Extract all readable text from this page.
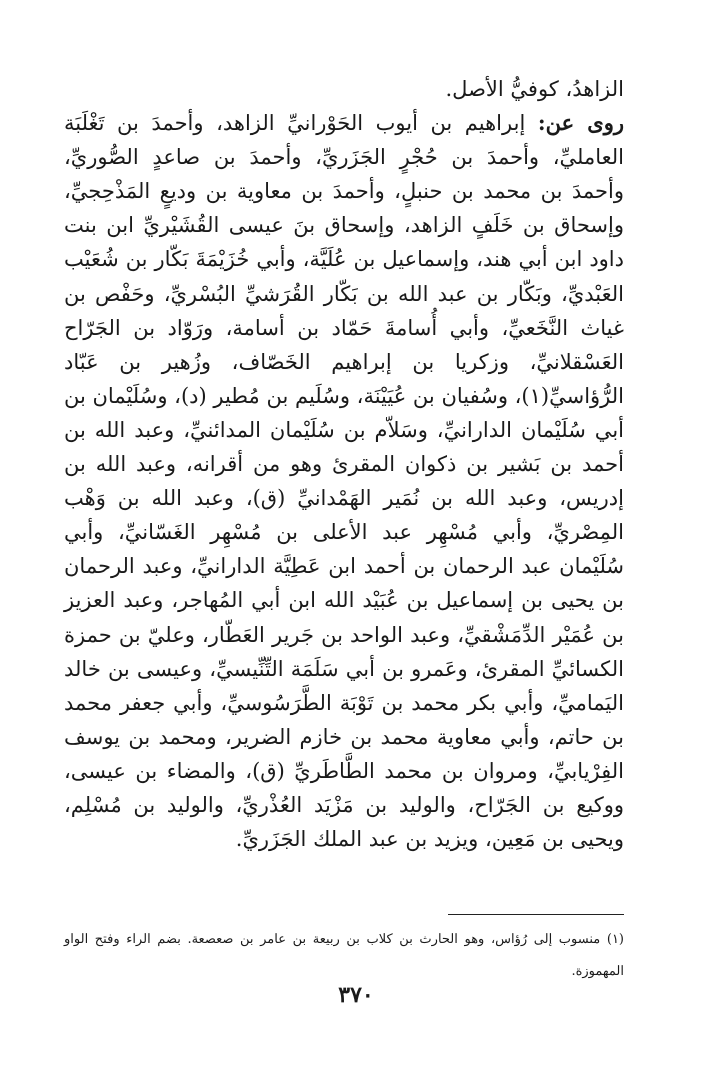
الزاهدُ، كوفيُّ الأصل.

روى عن: إبراهيم بن أيوب الحَوْرانيِّ الزاهد، وأحمدَ بن تَغْلَبَة العامليِّ، وأحمدَ بن حُجْرٍ الجَزَريِّ، وأحمدَ بن صاعدٍ الصُّوريِّ، وأحمدَ بن محمد بن حنبلٍ، وأحمدَ بن معاوية بن وديعٍ المَذْحِجيِّ، وإسحاق بن خَلَفٍ الزاهد، وإسحاق بنَ عيسى القُشَيْريِّ ابن بنت داود ابن أبي هند، وإسماعيل بن عُلَيَّة، وأبي خُزَيْمَةَ بَكّار بن شُعَيْب العَبْديِّ، وبَكّار بن عبد الله بن بَكّار القُرَشيِّ البُسْريِّ، وحَفْص بن غياث النَّخَعيِّ، وأبي أُسامةَ حَمّاد بن أسامة، ورَوّاد بن الجَرّاح العَسْقلانيِّ، وزكريا بن إبراهيم الخَصّاف، وزُهير بن عَبّاد الرُّؤاسيِّ(١)، وسُفيان بن عُيَيْنَة، وسُلَيم بن مُطير (د)، وسُلَيْمان بن أبي سُلَيْمان الدارانيِّ، وسَلاّم بن سُلَيْمان المدائنيِّ، وعبد الله بن أحمد بن بَشير بن ذكوان المقرئ وهو من أقرانه، وعبد الله بن إدريس، وعبد الله بن نُمَير الهَمْدانيِّ (ق)، وعبد الله بن وَهْب المِصْريِّ، وأبي مُسْهِر عبد الأعلى بن مُسْهِر الغَسّانيِّ، وأبي سُلَيْمان عبد الرحمان بن أحمد ابن عَطِيَّة الدارانيِّ، وعبد الرحمان بن يحيى بن إسماعيل بن عُبَيْد الله ابن أبي المُهاجر، وعبد العزيز بن عُمَيْر الدِّمَشْقيِّ، وعبد الواحد بن جَرير العَطّار، وعليّ بن حمزة الكسائيِّ المقرئ، وعَمرو بن أبي سَلَمَة التِّنِّيسيِّ، وعيسى بن خالد اليَماميِّ، وأبي بكر محمد بن تَوْبَة الطَّرَسُوسيِّ، وأبي جعفر محمد بن حاتم، وأبي معاوية محمد بن خازم الضرير، ومحمد بن يوسف الفِرْيابيِّ، ومروان بن محمد الطَّاطَريِّ (ق)، والمضاء بن عيسى، ووكيع بن الجَرّاح، والوليد بن مَزْيَد العُذْريِّ، والوليد بن مُسْلِم، ويحيى بن مَعِين، ويزيد بن عبد الملك الجَزَريِّ.

(١) منسوب إلى رُؤاس، وهو الحارث بن كلاب بن ربيعة بن عامر بن صعصعة. بضم الراء وفتح الواو المهموزة.
٣٧٠
